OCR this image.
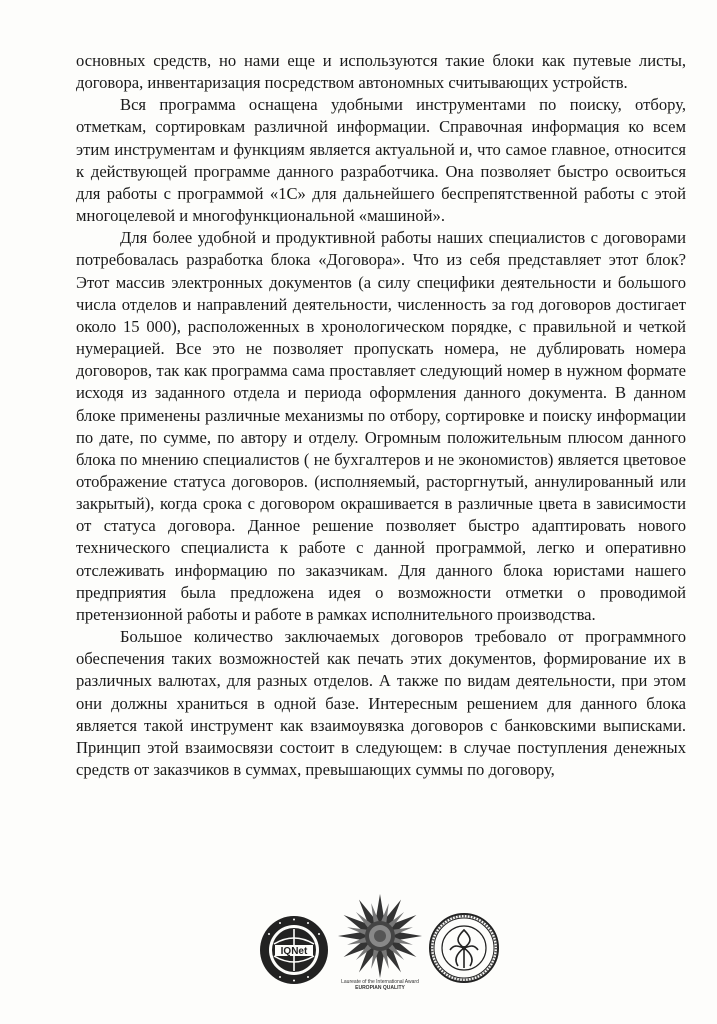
основных средств, но нами еще и используются такие блоки как путевые листы, договора, инвентаризация посредством автономных считывающих устройств.

Вся программа оснащена удобными инструментами по поиску, отбору, отметкам, сортировкам различной информации. Справочная информация ко всем этим инструментам и функциям является актуальной и, что самое главное, относится к действующей программе данного разработчика. Она позволяет быстро освоиться для работы с программой «1С» для дальнейшего беспрепятственной работы с этой многоцелевой и многофункциональной «машиной».

Для более удобной и продуктивной работы наших специалистов с договорами потребовалась разработка блока «Договора». Что из себя представляет этот блок? Этот массив электронных документов (а силу специфики деятельности и большого числа отделов и направлений деятельности, численность за год договоров достигает около 15 000), расположенных в хронологическом порядке, с правильной и четкой нумерацией. Все это не позволяет пропускать номера, не дублировать номера договоров, так как программа сама проставляет следующий номер в нужном формате исходя из заданного отдела и периода оформления данного документа. В данном блоке применены различные механизмы по отбору, сортировке и поиску информации по дате, по сумме, по автору и отделу. Огромным положительным плюсом данного блока по мнению специалистов ( не бухгалтеров и не экономистов) является цветовое отображение статуса договоров. (исполняемый, расторгнутый, аннулированный или закрытый), когда срока с договором окрашивается в различные цвета в зависимости от статуса договора. Данное решение позволяет быстро адаптировать нового технического специалиста к работе с данной программой, легко и оперативно отслеживать информацию по заказчикам. Для данного блока юристами нашего предприятия была предложена идея о возможности отметки о проводимой претензионной работы и работе в рамках исполнительного производства.

Большое количество заключаемых договоров требовало от программного обеспечения таких возможностей как печать этих документов, формирование их в различных валютах, для разных отделов. А также по видам деятельности, при этом они должны храниться в одной базе. Интересным решением для данного блока является такой инструмент как взаимоувязка договоров с банковскими выписками. Принцип этой взаимосвязи состоит в следующем: в случае поступления денежных средств от заказчиков в суммах, превышающих суммы по договору,

IQNet
Laureate of the International Award
EUROPIAN QUALITY
